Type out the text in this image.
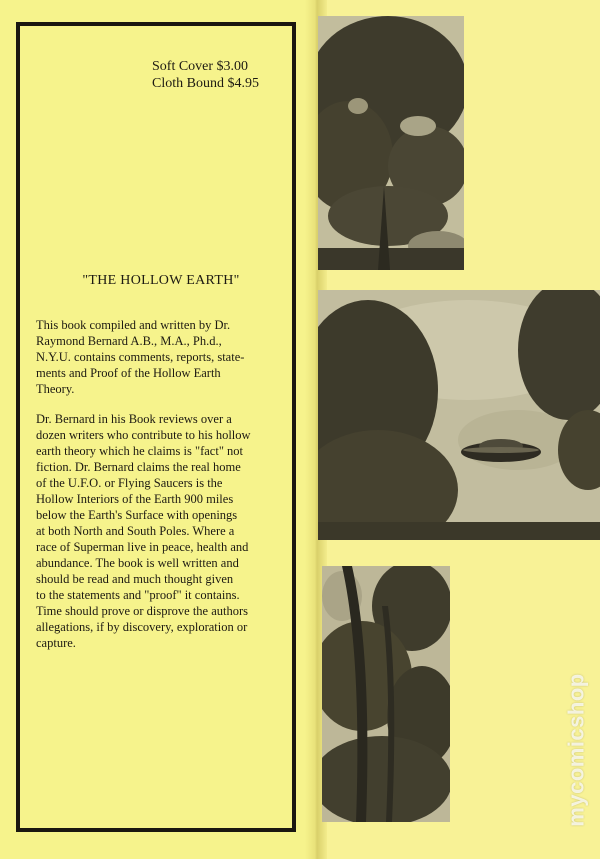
Soft Cover $3.00
Cloth Bound $4.95
"THE HOLLOW EARTH"

This book compiled and written by Dr.
Raymond Bernard A.B., M.A., Ph.d.,
N.Y.U. contains comments, reports, state-
ments and Proof of the Hollow Earth
Theory.

Dr. Bernard in his Book reviews over a
dozen writers who contribute to his hollow
earth theory which he claims is "fact" not
fiction. Dr. Bernard claims the real home
of the U.F.O. or Flying Saucers is the
Hollow Interiors of the Earth 900 miles
below the Earth's Surface with openings
at both North and South Poles. Where a
race of Superman live in peace, health and
abundance. The book is well written and
should be read and much thought given
to the statements and "proof" it contains.
Time should prove or disprove the authors
allegations, if by discovery, exploration or
capture.

mycomicshop
